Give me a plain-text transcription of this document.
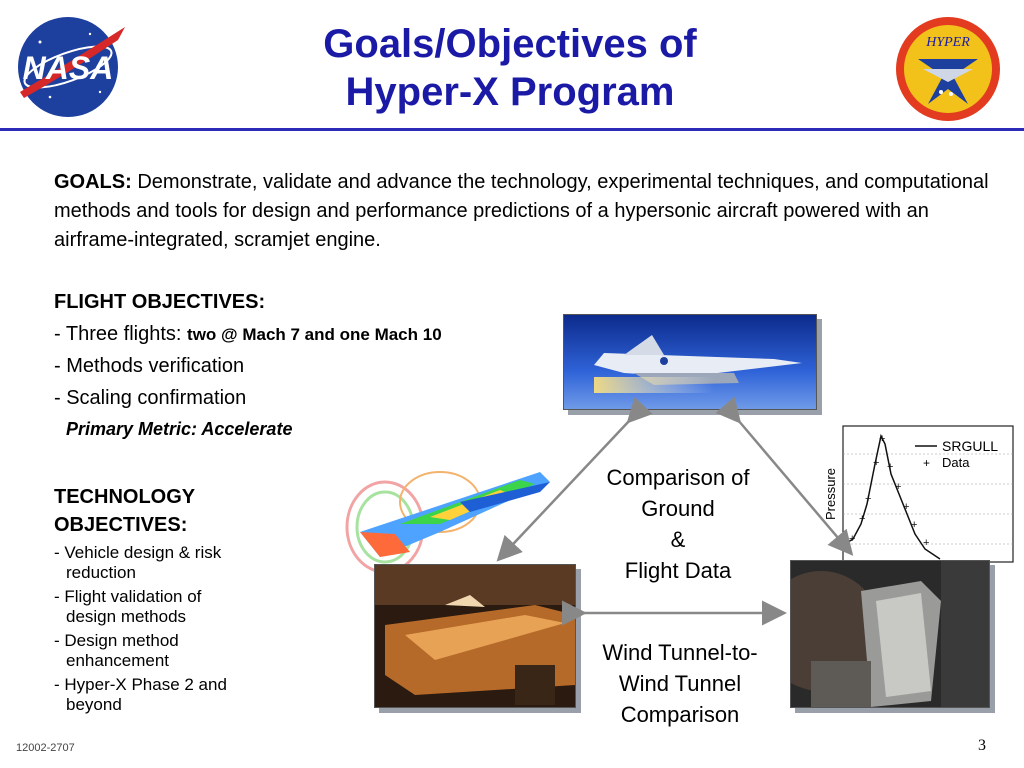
NASA
Goals/Objectives of
Hyper-X Program
HYPER
GOALS: Demonstrate, validate and advance the technology, experimental techniques, and computational methods and tools for design and performance predictions of a hypersonic aircraft powered with an airframe-integrated, scramjet engine.
FLIGHT OBJECTIVES:
- Three flights: two @ Mach 7 and one Mach 10
- Methods verification
- Scaling confirmation
Primary Metric: Accelerate
TECHNOLOGY
OBJECTIVES:
- Vehicle design & risk
reduction
- Flight validation of
design methods
- Design method
enhancement
- Hyper-X Phase 2 and
beyond
Pressure
+
+
+
+
+
+
+
+
+
+
SRGULL
+ Data
Comparison of
Ground
&
Flight Data
Wind Tunnel-to-
Wind Tunnel
Comparison
12002-2707	3
